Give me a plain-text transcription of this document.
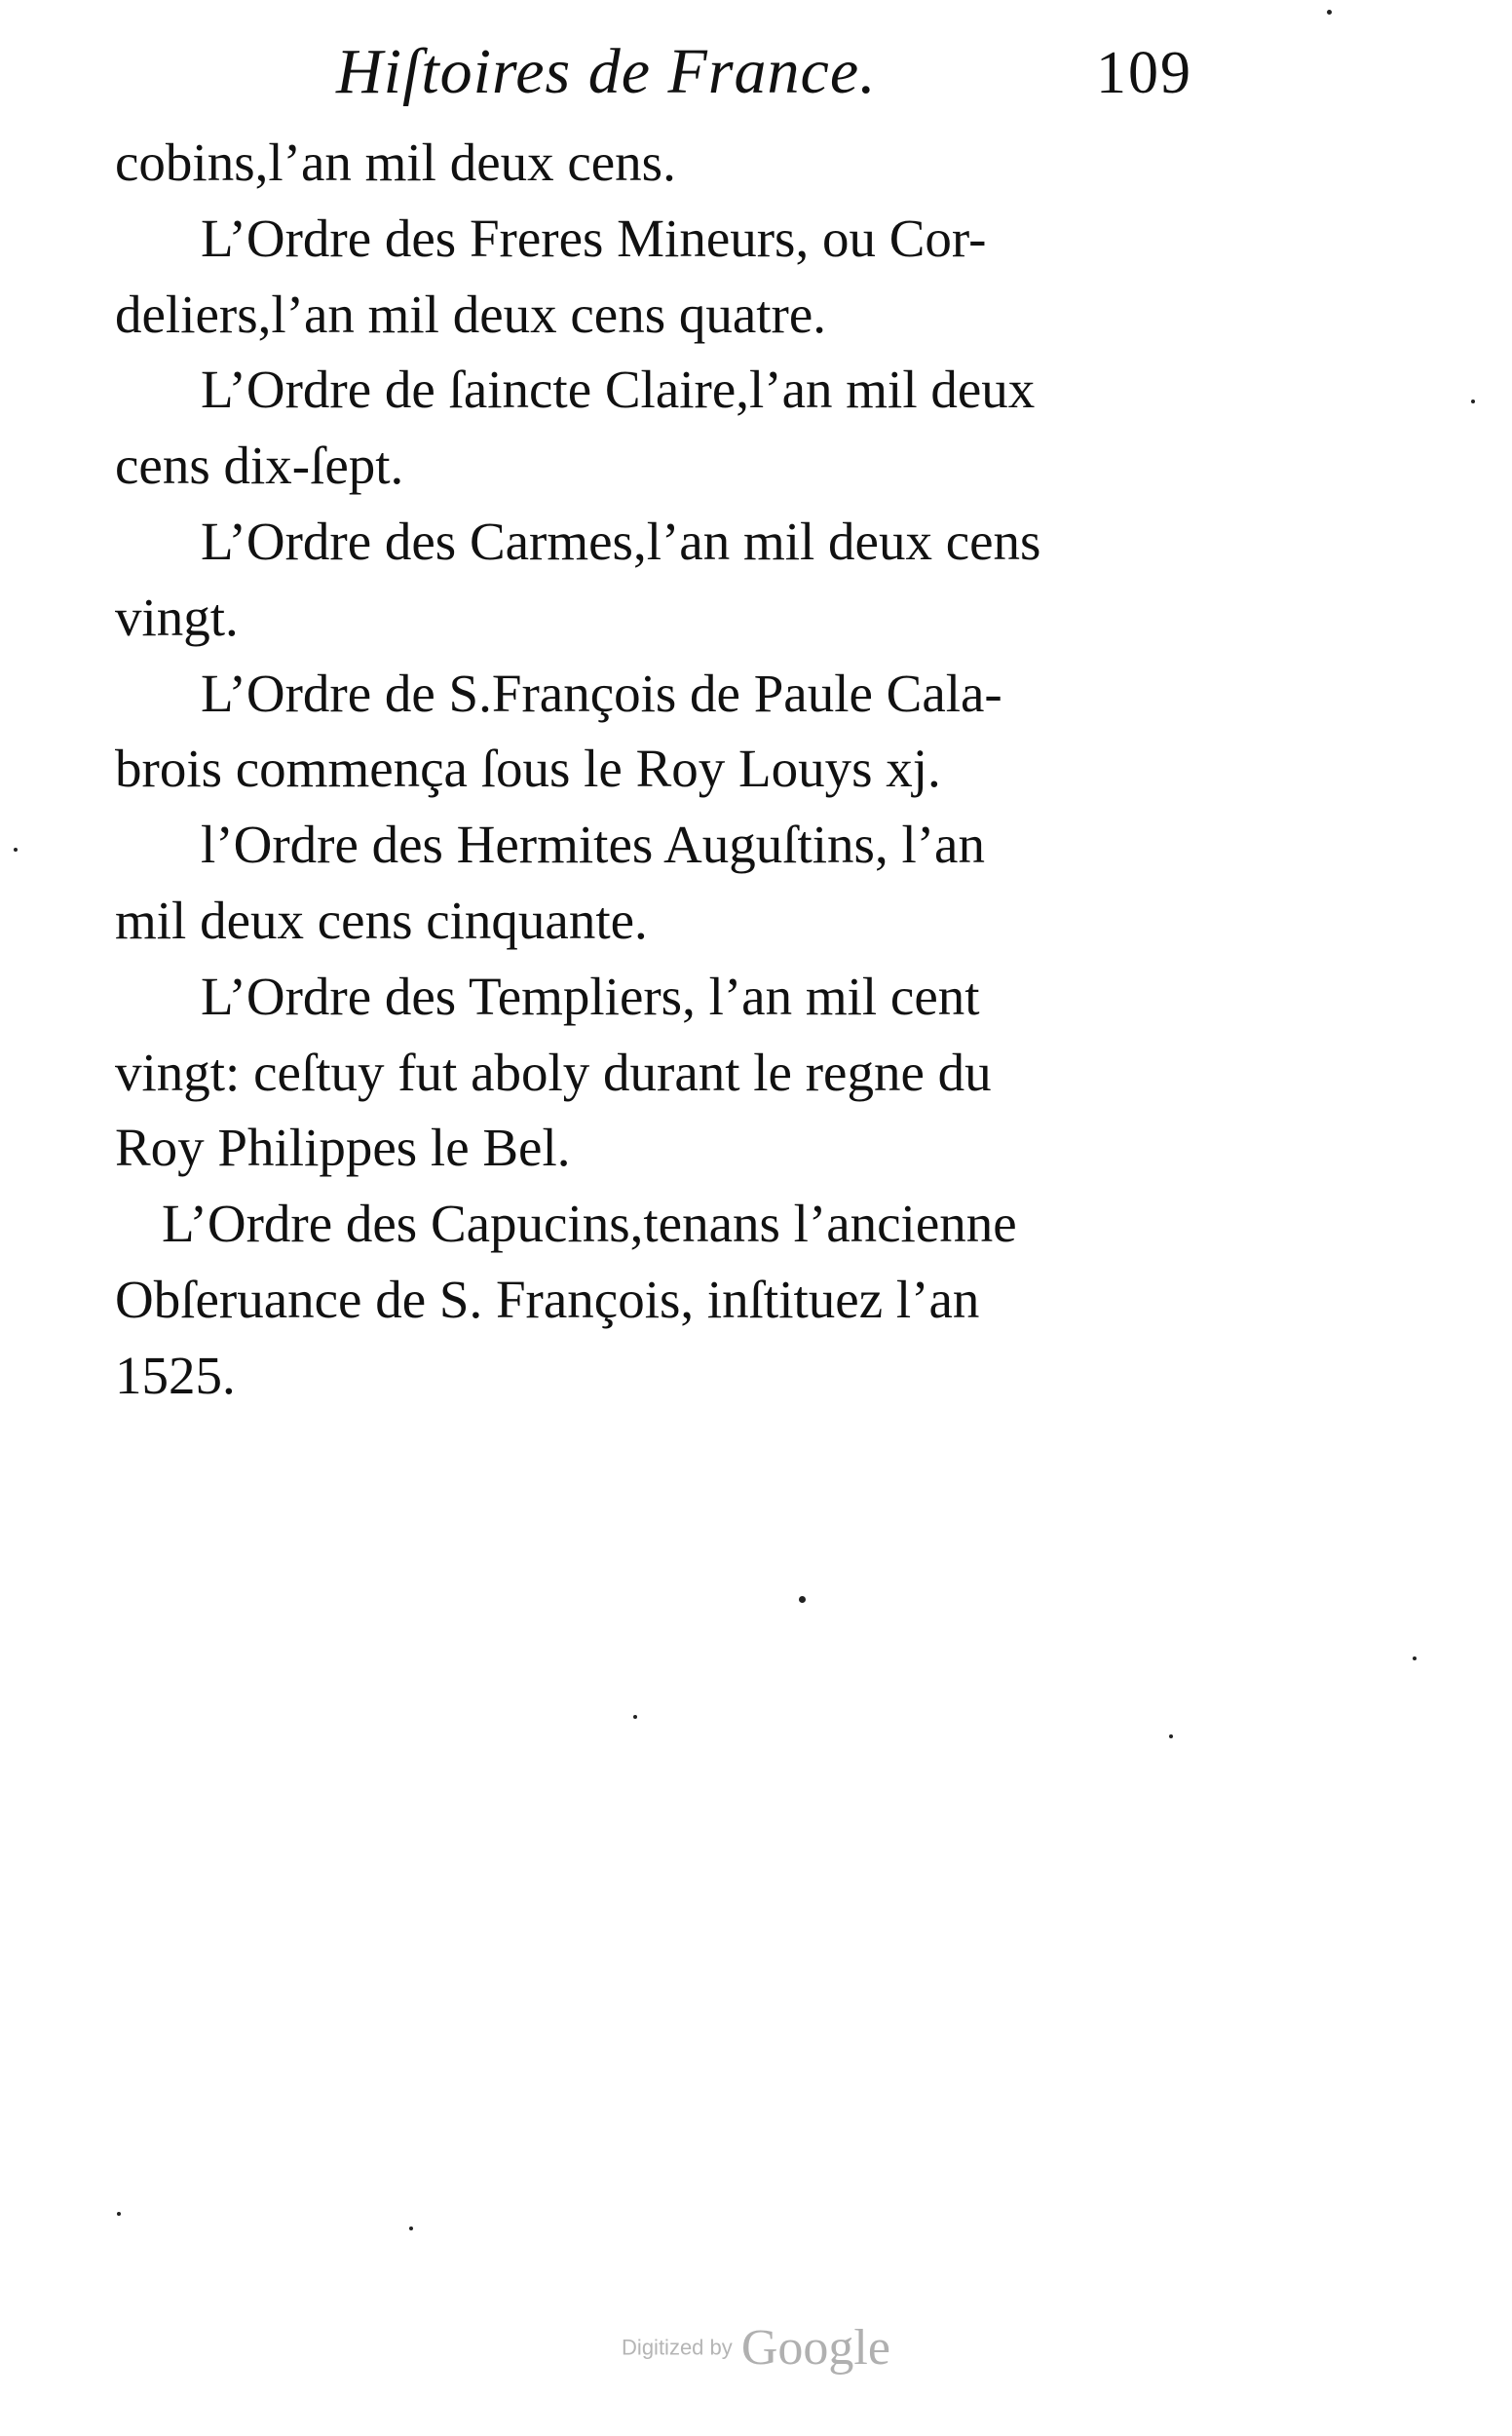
Hiſtoires de France.	109
cobins,l’an mil deux cens.
L’Ordre des Freres Mineurs, ou Cor-
deliers,l’an mil deux cens quatre.
L’Ordre de ſaincte Claire,l’an mil deux
cens dix-ſept.
L’Ordre des Carmes,l’an mil deux cens
vingt.
L’Ordre de S.François de Paule Cala-
brois commença ſous le Roy Louys xj.
l’Ordre des Hermites Auguſtins, l’an
mil deux cens cinquante.
L’Ordre des Templiers, l’an mil cent
vingt: ceſtuy fut aboly durant le regne du
Roy Philippes le Bel.
L’Ordre des Capucins,tenans l’ancienne
Obſeruance de S. François, inſtituez l’an
1525.
Digitized by Google
